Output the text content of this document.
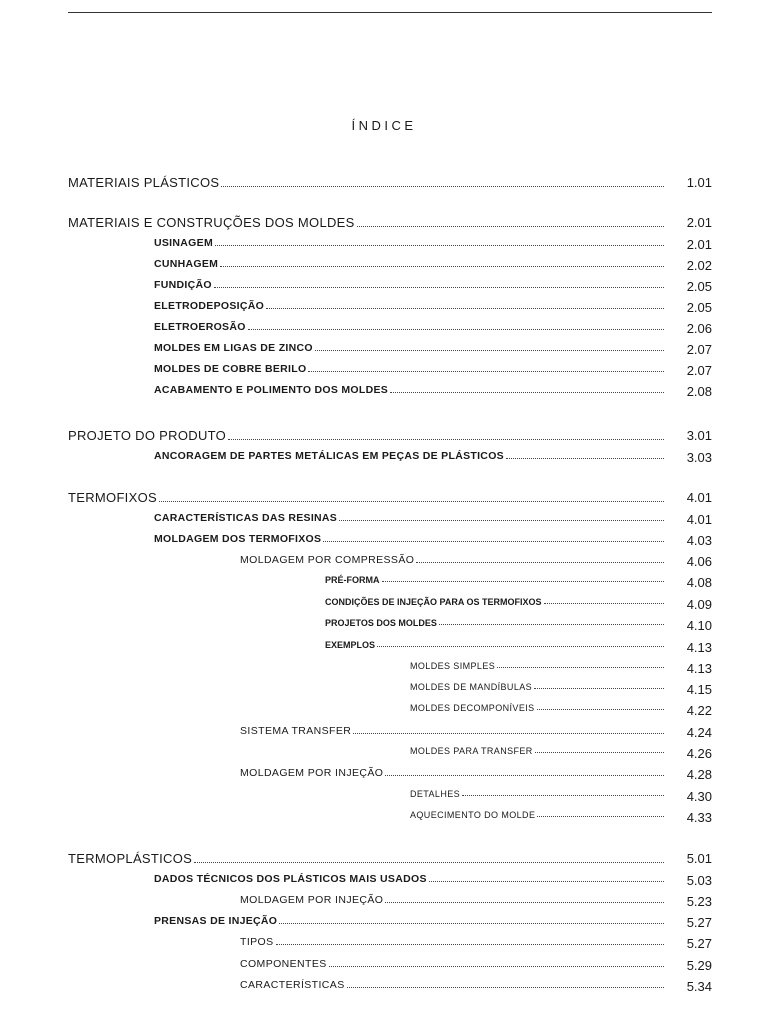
ÍNDICE
MATERIAIS PLÁSTICOS	1.01
MATERIAIS E CONSTRUÇÕES DOS MOLDES	2.01
USINAGEM	2.01
CUNHAGEM	2.02
FUNDIÇÃO	2.05
ELETRODEPOSIÇÃO	2.05
ELETROEROSÃO	2.06
MOLDES EM LIGAS DE ZINCO	2.07
MOLDES DE COBRE BERILO	2.07
ACABAMENTO E POLIMENTO DOS MOLDES	2.08
PROJETO DO PRODUTO	3.01
ANCORAGEM DE PARTES METÁLICAS EM PEÇAS DE PLÁSTICOS	3.03
TERMOFIXOS	4.01
CARACTERÍSTICAS DAS RESINAS	4.01
MOLDAGEM DOS TERMOFIXOS	4.03
MOLDAGEM POR COMPRESSÃO	4.06
PRÉ-FORMA	4.08
CONDIÇÕES DE INJEÇÃO PARA OS TERMOFIXOS	4.09
PROJETOS DOS MOLDES	4.10
EXEMPLOS	4.13
MOLDES SIMPLES	4.13
MOLDES DE MANDÍBULAS	4.15
MOLDES DECOMPONÍVEIS	4.22
SISTEMA TRANSFER	4.24
MOLDES PARA TRANSFER	4.26
MOLDAGEM POR INJEÇÃO	4.28
DETALHES	4.30
AQUECIMENTO DO MOLDE	4.33
TERMOPLÁSTICOS	5.01
DADOS TÉCNICOS DOS PLÁSTICOS MAIS USADOS	5.03
MOLDAGEM POR INJEÇÃO	5.23
PRENSAS DE INJEÇÃO	5.27
TIPOS	5.27
COMPONENTES	5.29
CARACTERÍSTICAS	5.34
